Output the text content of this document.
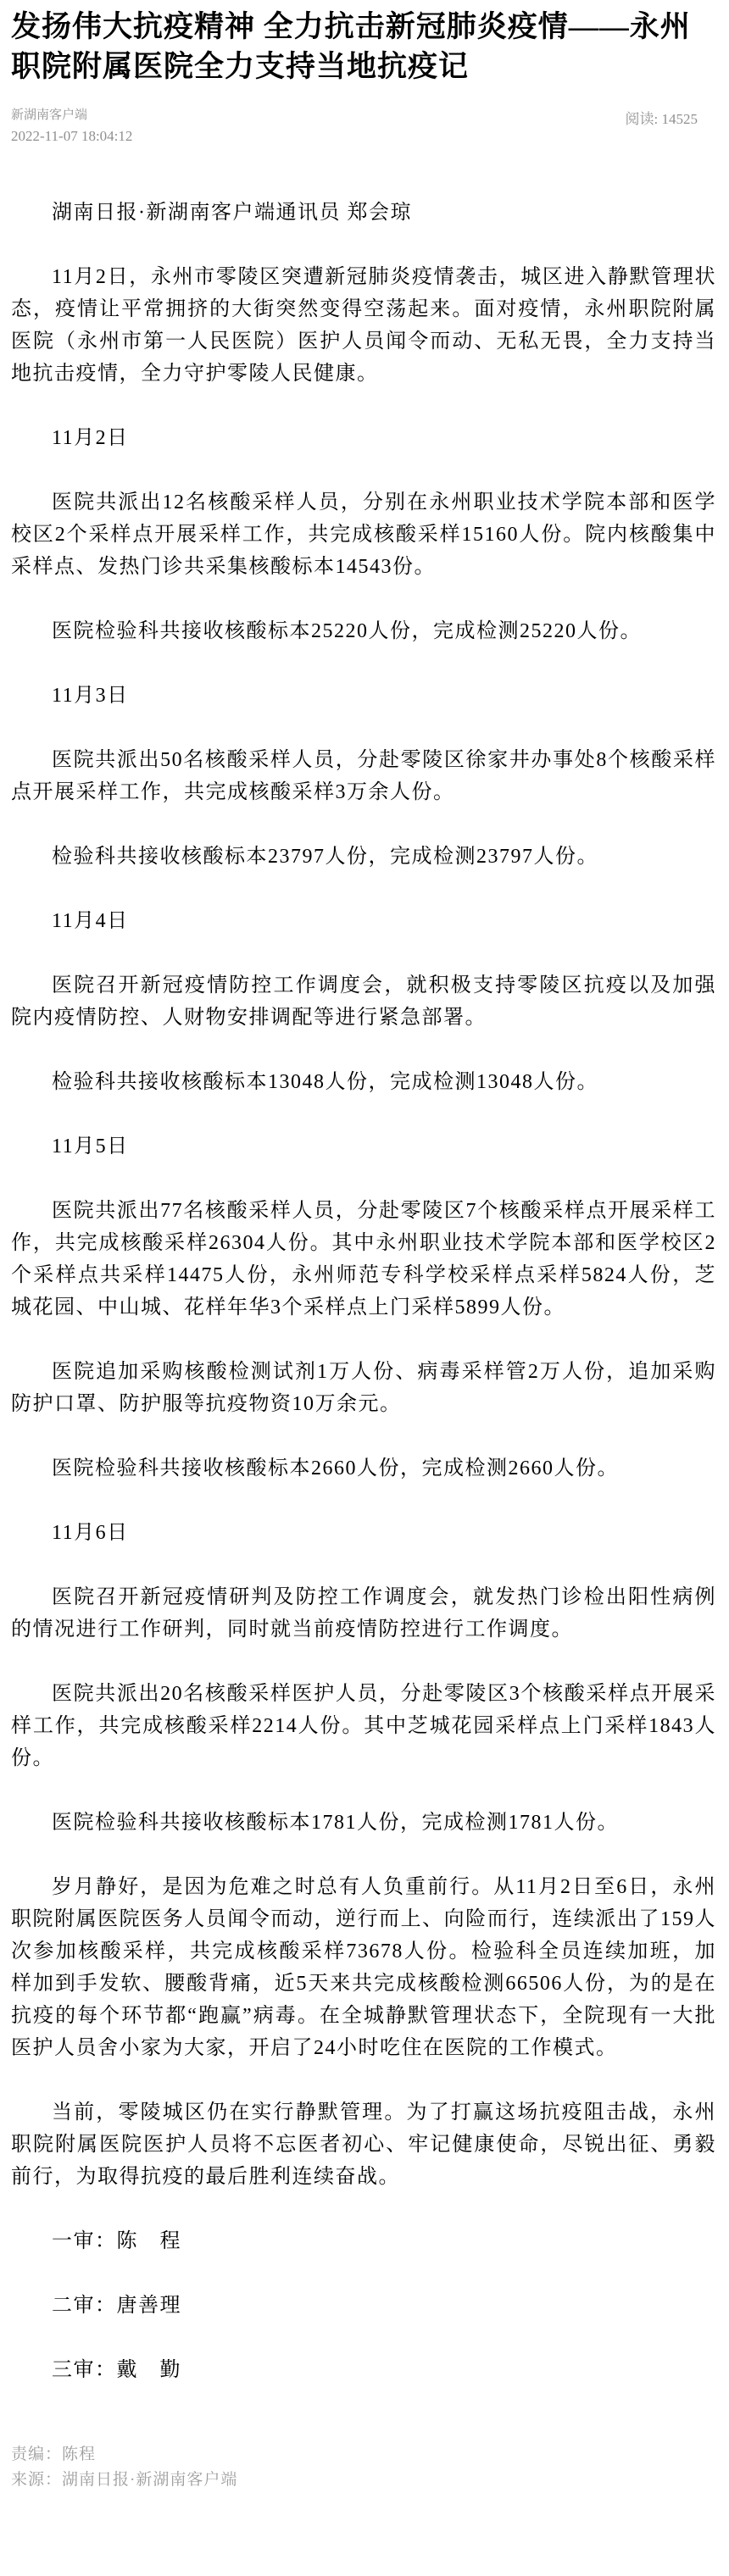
发扬伟大抗疫精神 全力抗击新冠肺炎疫情——永州职院附属医院全力支持当地抗疫记
新湖南客户端
2022-11-07 18:04:12
阅读: 14525
湖南日报·新湖南客户端通讯员 郑会琼

11月2日，永州市零陵区突遭新冠肺炎疫情袭击，城区进入静默管理状态，疫情让平常拥挤的大街突然变得空荡起来。面对疫情，永州职院附属医院（永州市第一人民医院）医护人员闻令而动、无私无畏，全力支持当地抗击疫情，全力守护零陵人民健康。

11月2日

医院共派出12名核酸采样人员，分别在永州职业技术学院本部和医学校区2个采样点开展采样工作，共完成核酸采样15160人份。院内核酸集中采样点、发热门诊共采集核酸标本14543份。

医院检验科共接收核酸标本25220人份，完成检测25220人份。

11月3日

医院共派出50名核酸采样人员，分赴零陵区徐家井办事处8个核酸采样点开展采样工作，共完成核酸采样3万余人份。

检验科共接收核酸标本23797人份，完成检测23797人份。

11月4日

医院召开新冠疫情防控工作调度会，就积极支持零陵区抗疫以及加强院内疫情防控、人财物安排调配等进行紧急部署。

检验科共接收核酸标本13048人份，完成检测13048人份。

11月5日

医院共派出77名核酸采样人员，分赴零陵区7个核酸采样点开展采样工作，共完成核酸采样26304人份。其中永州职业技术学院本部和医学校区2个采样点共采样14475人份，永州师范专科学校采样点采样5824人份，芝城花园、中山城、花样年华3个采样点上门采样5899人份。

医院追加采购核酸检测试剂1万人份、病毒采样管2万人份，追加采购防护口罩、防护服等抗疫物资10万余元。

医院检验科共接收核酸标本2660人份，完成检测2660人份。

11月6日

医院召开新冠疫情研判及防控工作调度会，就发热门诊检出阳性病例的情况进行工作研判，同时就当前疫情防控进行工作调度。

医院共派出20名核酸采样医护人员，分赴零陵区3个核酸采样点开展采样工作，共完成核酸采样2214人份。其中芝城花园采样点上门采样1843人份。

医院检验科共接收核酸标本1781人份，完成检测1781人份。

岁月静好，是因为危难之时总有人负重前行。从11月2日至6日，永州职院附属医院医务人员闻令而动，逆行而上、向险而行，连续派出了159人次参加核酸采样，共完成核酸采样73678人份。检验科全员连续加班，加样加到手发软、腰酸背痛，近5天来共完成核酸检测66506人份，为的是在抗疫的每个环节都“跑赢”病毒。在全城静默管理状态下，全院现有一大批医护人员舍小家为大家，开启了24小时吃住在医院的工作模式。

当前，零陵城区仍在实行静默管理。为了打赢这场抗疫阻击战，永州职院附属医院医护人员将不忘医者初心、牢记健康使命，尽锐出征、勇毅前行，为取得抗疫的最后胜利连续奋战。

一审：陈　程

二审：唐善理

三审：戴　勤

责编：陈程
来源：湖南日报·新湖南客户端
